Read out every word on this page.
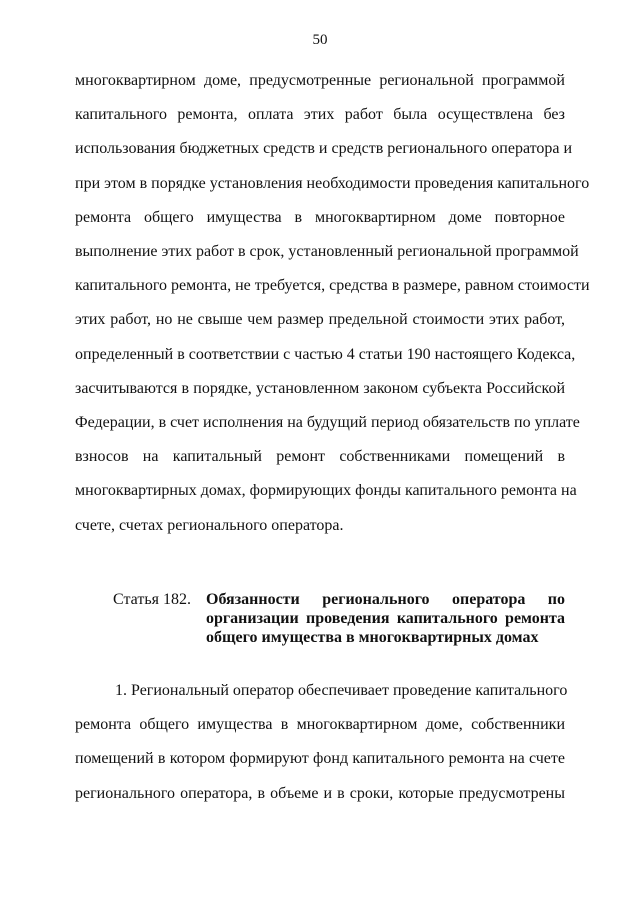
50
многоквартирном доме, предусмотренные региональной программой
капитального ремонта, оплата этих работ была осуществлена без
использования бюджетных средств и средств регионального оператора и
при этом в порядке установления необходимости проведения капитального
ремонта общего имущества в многоквартирном доме повторное
выполнение этих работ в срок, установленный региональной программой
капитального ремонта, не требуется, средства в размере, равном стоимости
этих работ, но не свыше чем размер предельной стоимости этих работ,
определенный в соответствии с частью 4 статьи 190 настоящего Кодекса,
засчитываются в порядке, установленном законом субъекта Российской
Федерации, в счет исполнения на будущий период обязательств по уплате
взносов на капитальный ремонт собственниками помещений в
многоквартирных домах, формирующих фонды капитального ремонта на
счете, счетах регионального оператора.
Статья 182. Обязанности регионального оператора по
организации проведения капитального ремонта
общего имущества в многоквартирных домах
1. Региональный оператор обеспечивает проведение капитального
ремонта общего имущества в многоквартирном доме, собственники
помещений в котором формируют фонд капитального ремонта на счете
регионального оператора, в объеме и в сроки, которые предусмотрены
